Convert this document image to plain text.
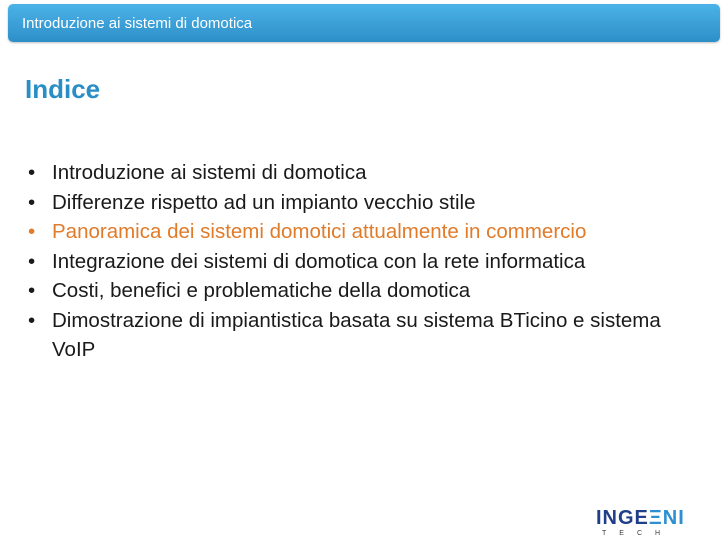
Introduzione ai sistemi di domotica
Indice
• Introduzione ai sistemi di domotica
• Differenze rispetto ad un impianto vecchio stile
• Panoramica dei sistemi domotici attualmente in commercio
• Integrazione dei sistemi di domotica con la rete informatica
• Costi, benefici e problematiche della domotica
• Dimostrazione di impiantistica basata su sistema BTicino e sistema VoIP
INGEΞNI
TECH
